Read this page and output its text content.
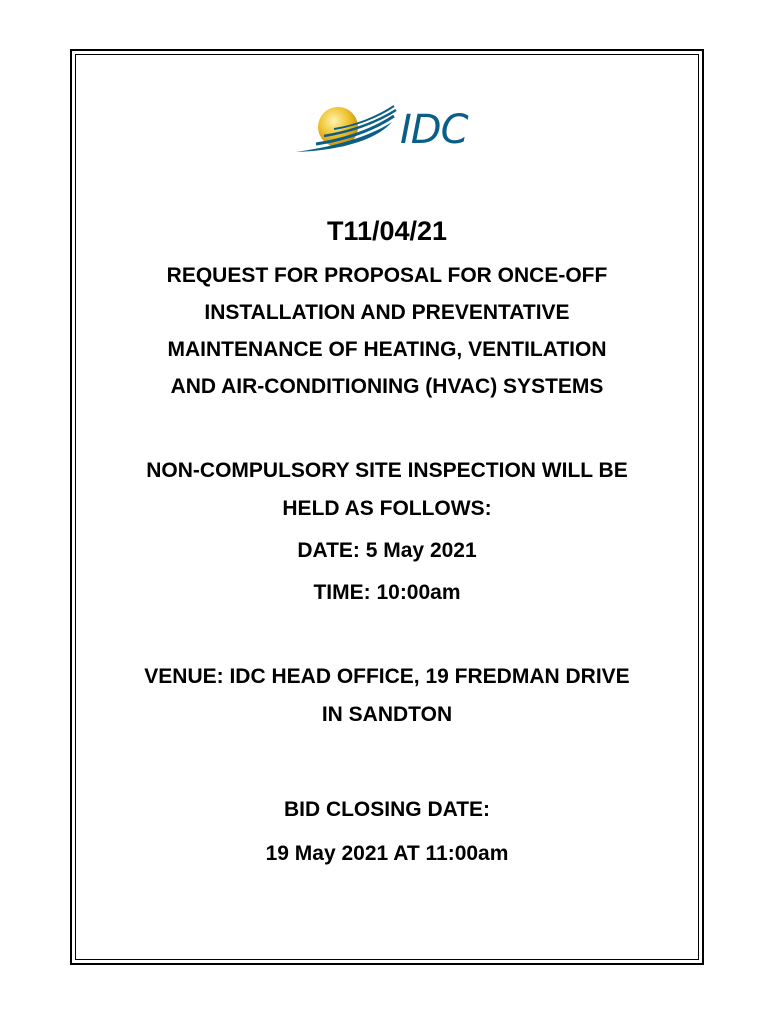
IDC
T11/04/21
REQUEST FOR PROPOSAL FOR ONCE-OFF
INSTALLATION AND PREVENTATIVE
MAINTENANCE OF HEATING, VENTILATION
AND AIR-CONDITIONING (HVAC) SYSTEMS
NON-COMPULSORY SITE INSPECTION WILL BE
HELD AS FOLLOWS:
DATE: 5 May 2021
TIME: 10:00am
VENUE: IDC HEAD OFFICE, 19 FREDMAN DRIVE
IN SANDTON
BID CLOSING DATE:
19 May 2021 AT 11:00am
